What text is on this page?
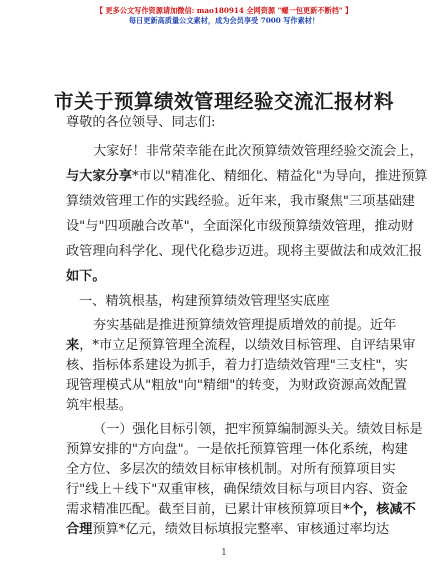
【 更多公文写作资源请加微信: mao180914 全网资源 "螺一包更新不断档" 】
每日更新高质量公文素材，成为会员享受 7000 写作素材！
市关于预算绩效管理经验交流汇报材料
尊敬的各位领导、同志们:
大家好！非常荣幸能在此次预算绩效管理经验交流会上，
与大家分享*市以"精准化、精细化、精益化"为导向，推进预算
算绩效管理工作的实践经验。近年来，我市聚焦"三项基础建
设"与"四项融合改革"，全面深化市级预算绩效管理，推动财
政管理向科学化、现代化稳步迈进。现将主要做法和成效汇报
如下。
一、精筑根基，构建预算绩效管理坚实底座
夯实基础是推进预算绩效管理提质增效的前提。近年
来，*市立足预算管理全流程，以绩效目标管理、自评结果审
核、指标体系建设为抓手，着力打造绩效管理"三支柱"，实
现管理模式从"粗放"向"精细"的转变，为财政资源高效配置
筑牢根基。
（一）强化目标引领，把牢预算编制源头关。绩效目标是
预算安排的"方向盘"。一是依托预算管理一体化系统，构建
全方位、多层次的绩效目标审核机制。对所有预算项目实
行"线上＋线下"双重审核，确保绩效目标与项目内容、资金
需求精准匹配。截至目前，已累计审核预算项目*个，核减不
合理预算*亿元，绩效目标填报完整率、审核通过率均达
1
